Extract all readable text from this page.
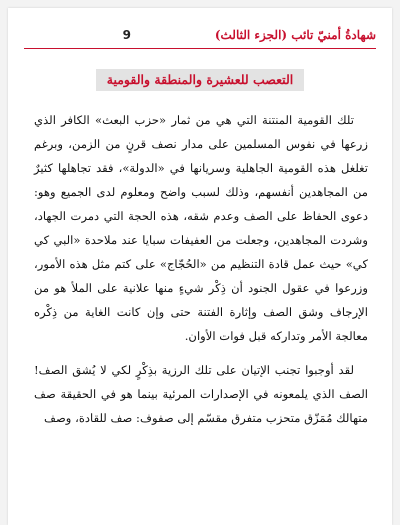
شهادةُ أمنيّ تائب (الجزء الثالث)
9
التعصب للعشيرة والمنطقة والقومية

تلك القومية المنتنة التي هي من ثمار «حزب البعث» الكافر الذي زرعها في نفوس المسلمين على مدار نصف قرنٍ من الزمن، وبرغم تغلغل هذه القومية الجاهلية وسريانها في «الدولة»، فقد تجاهلها كثيرٌ من المجاهدين أنفسهم، وذلك لسبب واضح ومعلوم لدى الجميع وهو: دعوى الحفاظ على الصف وعدم شقه، هذه الحجة التي دمرت الجهاد، وشردت المجاهدين، وجعلت من العفيفات سبايا عند ملاحدة «البي كي كي» حيث عمل قادة التنظيم من «الحُجّاج» على كتم مثل هذه الأمور، وزرعوا في عقول الجنود أن ذِكْر شيءٍ منها علانية على الملأ هو من الإرجاف وشق الصف وإثارة الفتنة حتى وإن كانت الغاية من ذِكْره معالجة الأمر وتداركه قبل فوات الأوان.

لقد أوجبوا تجنب الإتيان على تلك الرزية بذِكْرٍ لكي لا يُشق الصف! الصف الذي يلمعونه في الإصدارات المرئية بينما هو في الحقيقة صف متهالك مُمَزّق متحزب متفرق مقسّم إلى صفوف: صف للقادة، وصف
